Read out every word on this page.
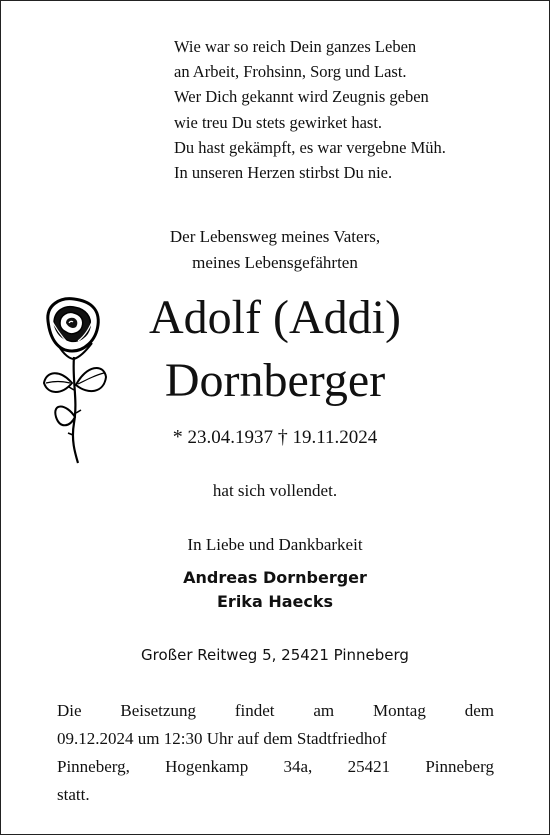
Wie war so reich Dein ganzes Leben
an Arbeit, Frohsinn, Sorg und Last.
Wer Dich gekannt wird Zeugnis geben
wie treu Du stets gewirket hast.
Du hast gekämpft, es war vergebne Müh.
In unseren Herzen stirbst Du nie.
Der Lebensweg meines Vaters,
meines Lebensgefährten
Adolf (Addi)
Dornberger
* 23.04.1937 † 19.11.2024
hat sich vollendet.
In Liebe und Dankbarkeit
Andreas Dornberger
Erika Haecks
Großer Reitweg 5, 25421 Pinneberg
Die Beisetzung findet am Montag dem
09.12.2024 um 12:30 Uhr auf dem Stadtfriedhof
Pinneberg, Hogenkamp 34a, 25421 Pinneberg
statt.
